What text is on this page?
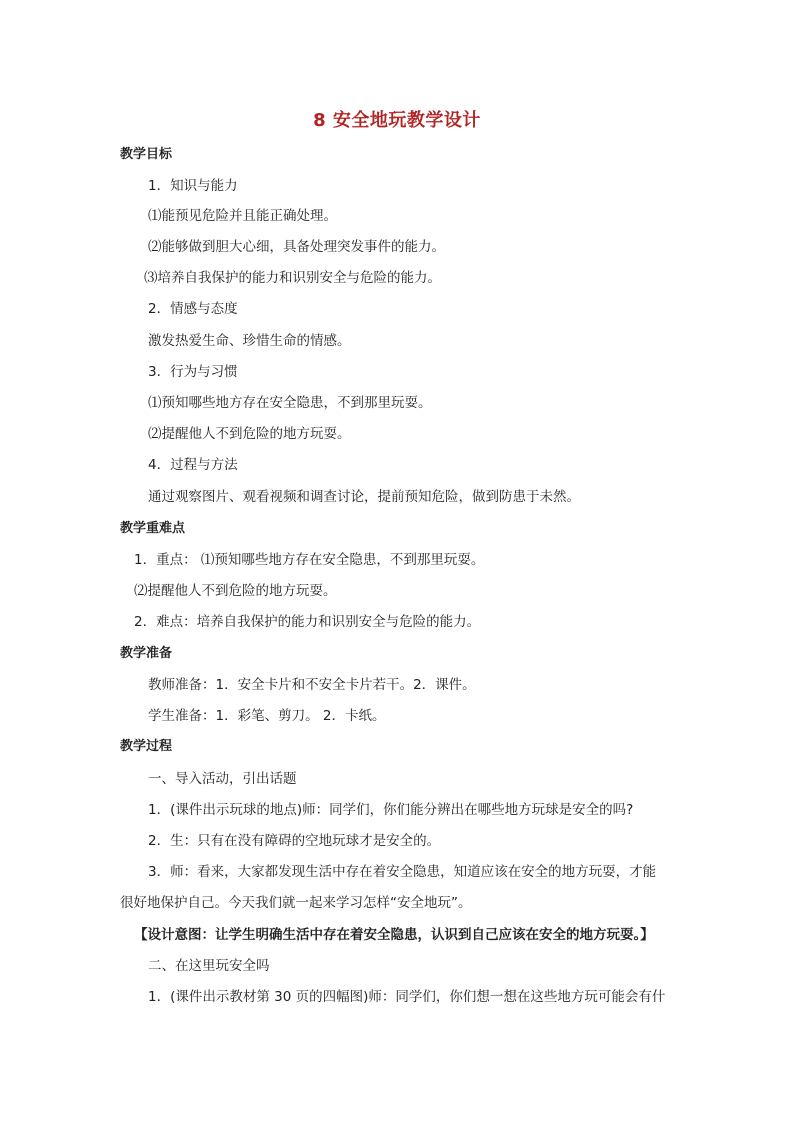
8 安全地玩教学设计
教学目标
1．知识与能力
⑴能预见危险并且能正确处理。
⑵能够做到胆大心细，具备处理突发事件的能力。
⑶培养自我保护的能力和识别安全与危险的能力。
2．情感与态度
激发热爱生命、珍惜生命的情感。
3．行为与习惯
⑴预知哪些地方存在安全隐患，不到那里玩耍。
⑵提醒他人不到危险的地方玩耍。
4．过程与方法
通过观察图片、观看视频和调查讨论，提前预知危险，做到防患于未然。
教学重难点
1．重点： ⑴预知哪些地方存在安全隐患，不到那里玩耍。
⑵提醒他人不到危险的地方玩耍。
2．难点：培养自我保护的能力和识别安全与危险的能力。
教学准备
教师准备：1．安全卡片和不安全卡片若干。2．课件。
学生准备：1．彩笔、剪刀。 2．卡纸。
教学过程
一、导入活动，引出话题
1．(课件出示玩球的地点)师：同学们，你们能分辨出在哪些地方玩球是安全的吗?
2．生：只有在没有障碍的空地玩球才是安全的。
3．师：看来，大家都发现生活中存在着安全隐患，知道应该在安全的地方玩耍，才能
很好地保护自己。今天我们就一起来学习怎样“安全地玩”。
【设计意图：让学生明确生活中存在着安全隐患，认识到自己应该在安全的地方玩耍。】
二、在这里玩安全吗
1．(课件出示教材第 30 页的四幅图)师：同学们，你们想一想在这些地方玩可能会有什
